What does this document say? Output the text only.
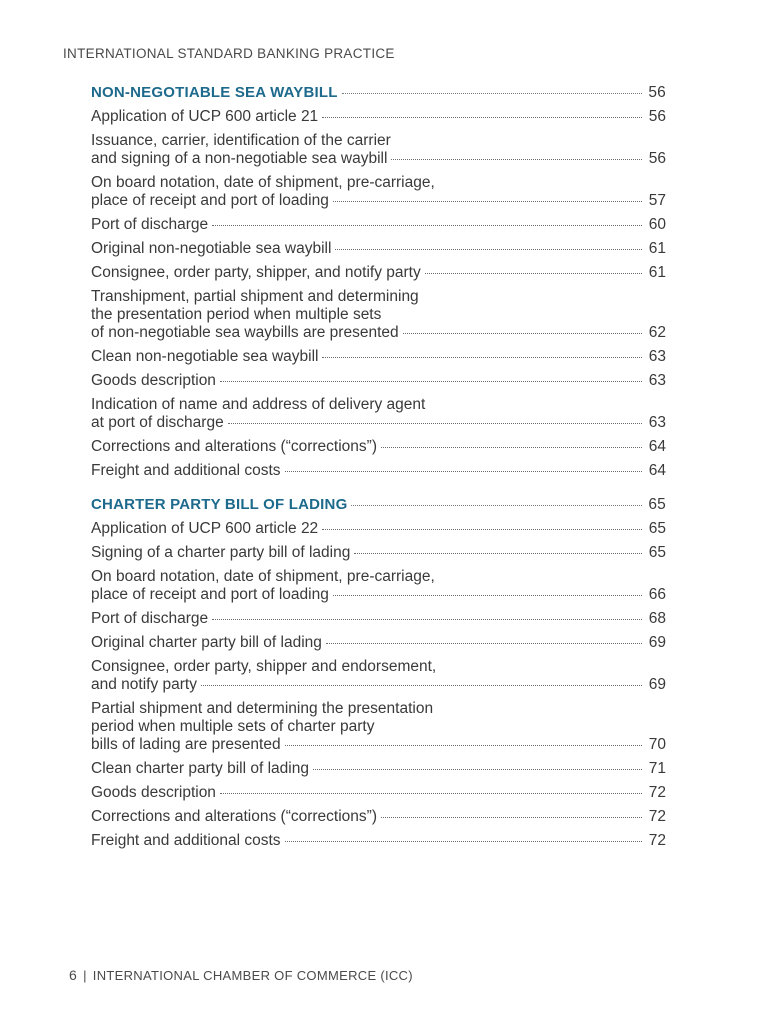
INTERNATIONAL STANDARD BANKING PRACTICE
NON-NEGOTIABLE SEA WAYBILL	56
Application of UCP 600 article 21	56
Issuance, carrier, identification of the carrier
and signing of a non-negotiable sea waybill	56
On board notation, date of shipment, pre-carriage,
place of receipt and port of loading	57
Port of discharge	60
Original non-negotiable sea waybill	61
Consignee, order party, shipper, and notify party	61
Transhipment, partial shipment and determining
the presentation period when multiple sets
of non-negotiable sea waybills are presented	62
Clean non-negotiable sea waybill	63
Goods description	63
Indication of name and address of delivery agent
at port of discharge	63
Corrections and alterations (“corrections”)	64
Freight and additional costs	64
CHARTER PARTY BILL OF LADING	65
Application of UCP 600 article 22	65
Signing of a charter party bill of lading	65
On board notation, date of shipment, pre-carriage,
place of receipt and port of loading	66
Port of discharge	68
Original charter party bill of lading	69
Consignee, order party, shipper and endorsement,
and notify party	69
Partial shipment and determining the presentation
period when multiple sets of charter party
bills of lading are presented	70
Clean charter party bill of lading	71
Goods description	72
Corrections and alterations (“corrections”)	72
Freight and additional costs	72
6 | INTERNATIONAL CHAMBER OF COMMERCE (ICC)
